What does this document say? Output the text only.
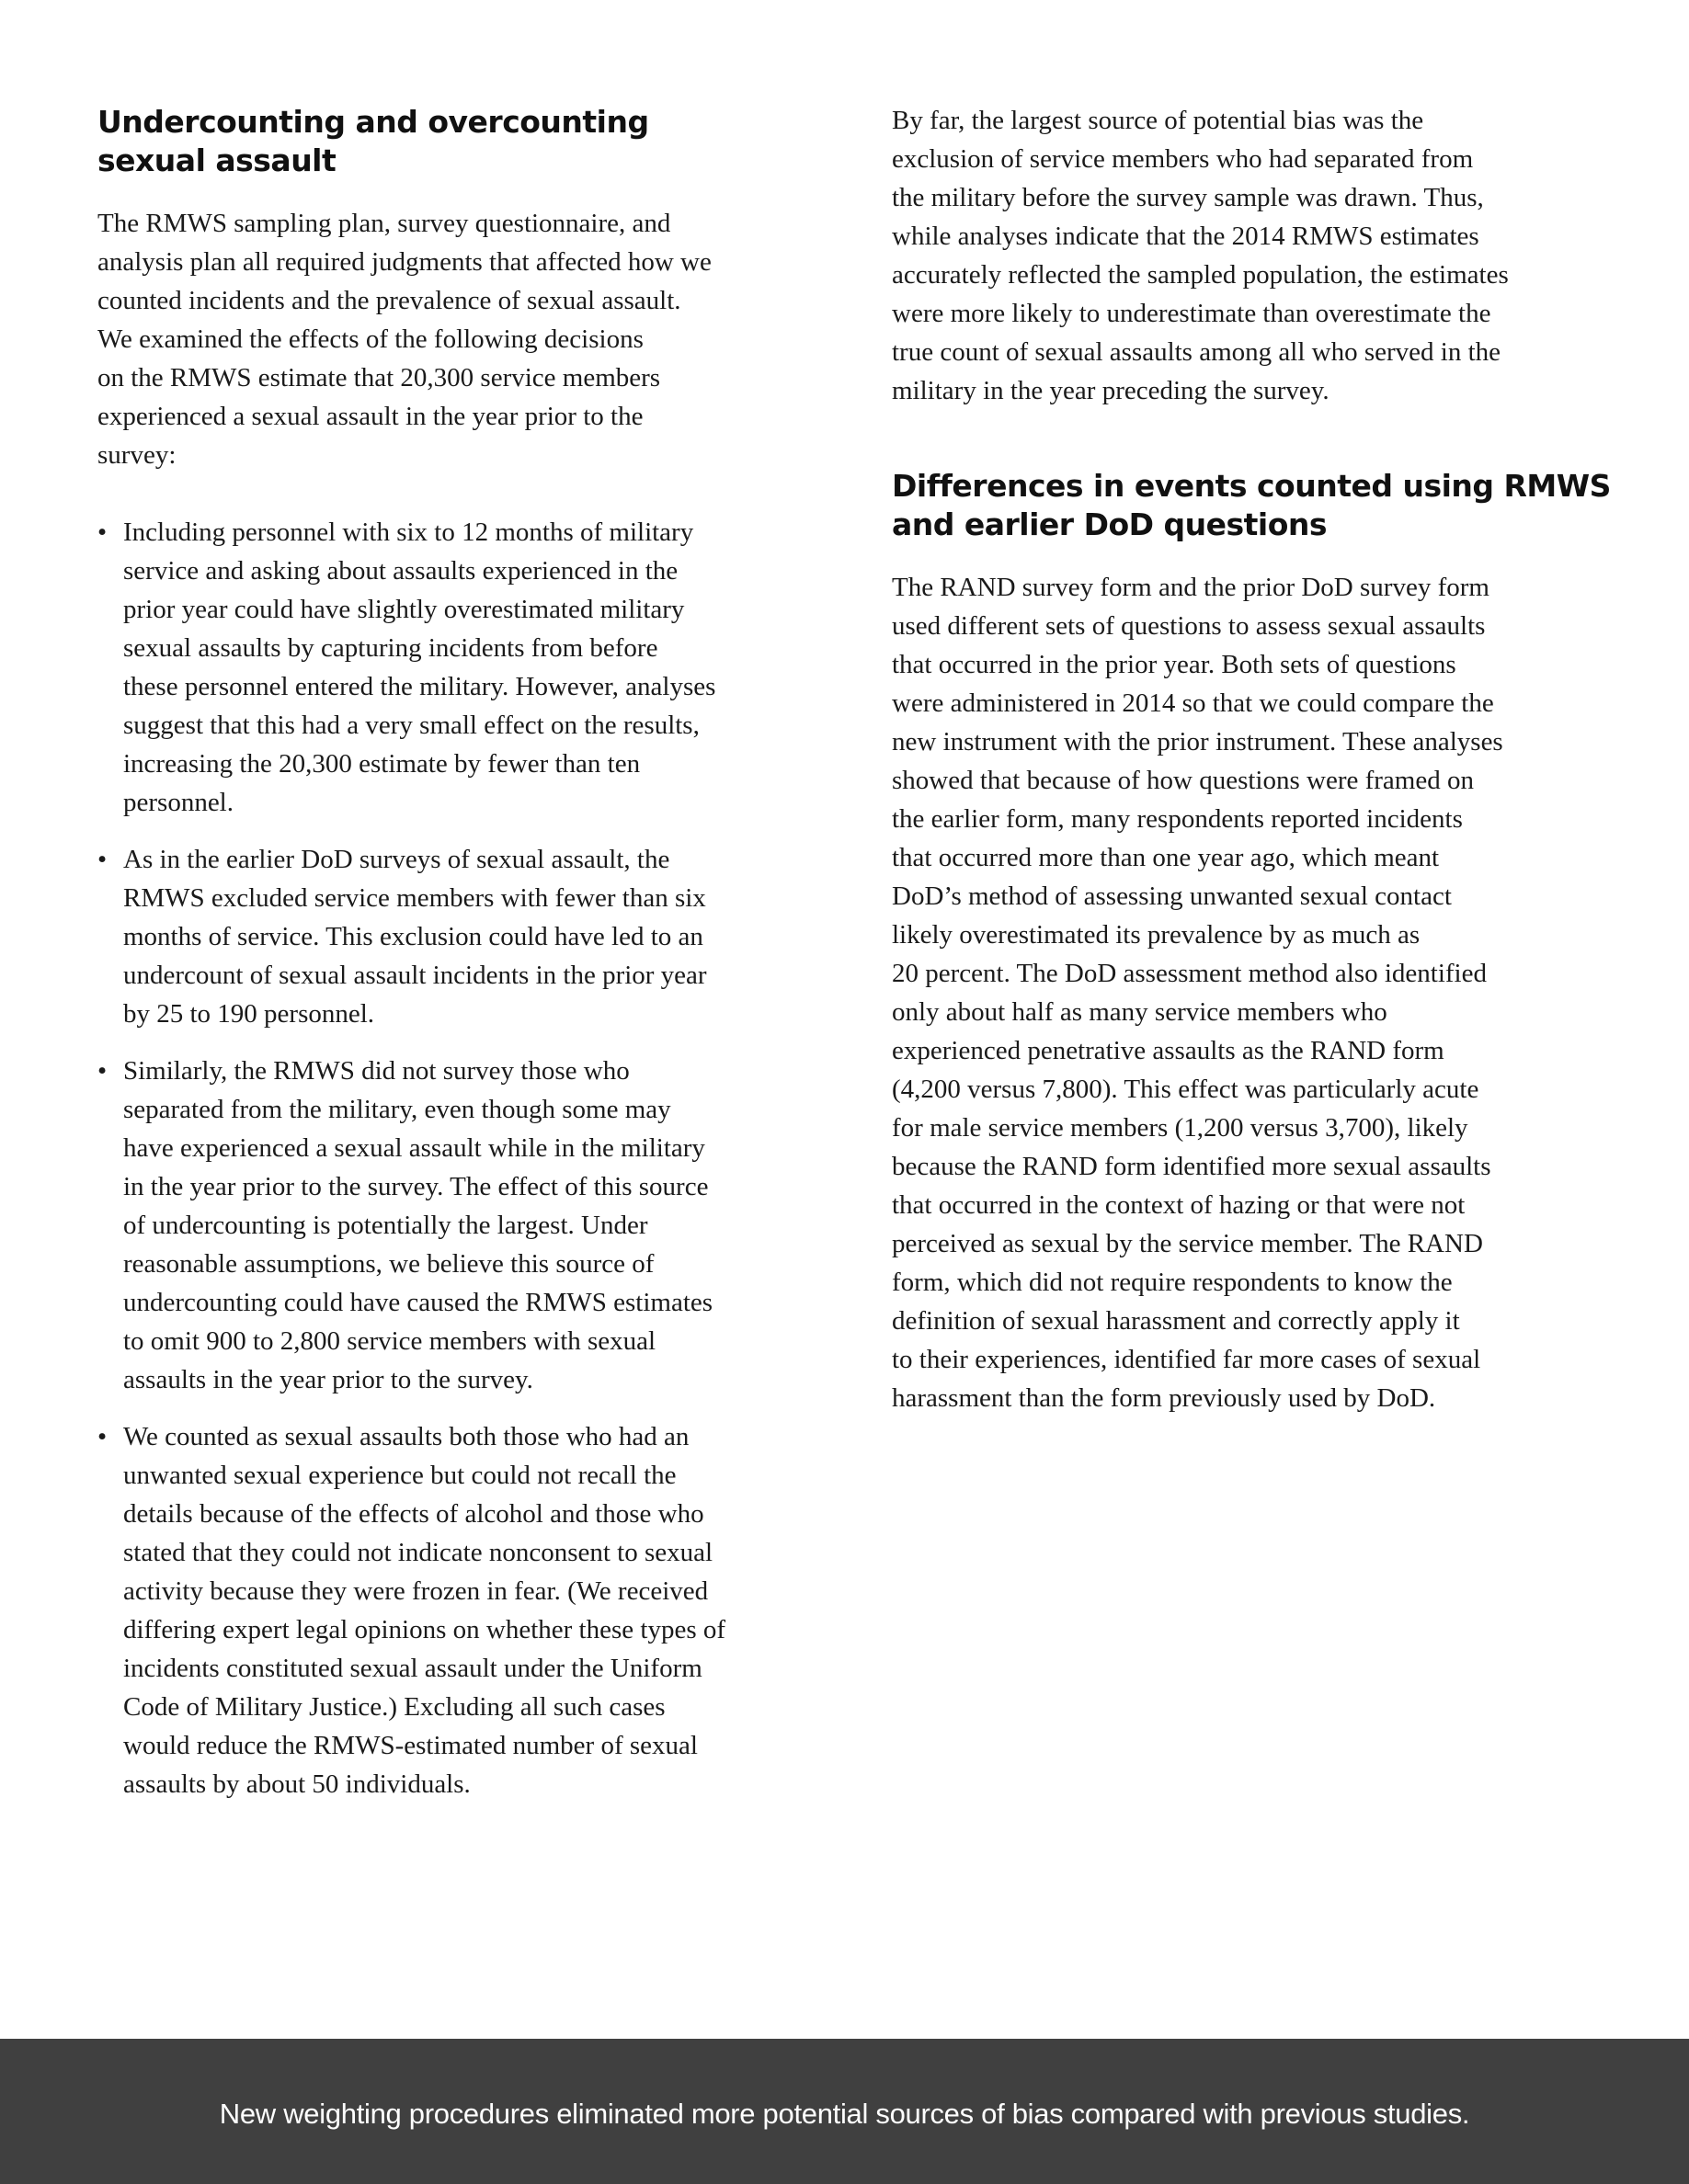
Undercounting and overcounting
sexual assault

The RMWS sampling plan, survey questionnaire, and
analysis plan all required judgments that affected how we
counted incidents and the prevalence of sexual assault.
We examined the effects of the following decisions
on the RMWS estimate that 20,300 service members
experienced a sexual assault in the year prior to the
survey:

• Including personnel with six to 12 months of military
service and asking about assaults experienced in the
prior year could have slightly overestimated military
sexual assaults by capturing incidents from before
these personnel entered the military. However, analyses
suggest that this had a very small effect on the results,
increasing the 20,300 estimate by fewer than ten
personnel.

• As in the earlier DoD surveys of sexual assault, the
RMWS excluded service members with fewer than six
months of service. This exclusion could have led to an
undercount of sexual assault incidents in the prior year
by 25 to 190 personnel.

• Similarly, the RMWS did not survey those who
separated from the military, even though some may
have experienced a sexual assault while in the military
in the year prior to the survey. The effect of this source
of undercounting is potentially the largest. Under
reasonable assumptions, we believe this source of
undercounting could have caused the RMWS estimates
to omit 900 to 2,800 service members with sexual
assaults in the year prior to the survey.

• We counted as sexual assaults both those who had an
unwanted sexual experience but could not recall the
details because of the effects of alcohol and those who
stated that they could not indicate nonconsent to sexual
activity because they were frozen in fear. (We received
differing expert legal opinions on whether these types of
incidents constituted sexual assault under the Uniform
Code of Military Justice.) Excluding all such cases
would reduce the RMWS-estimated number of sexual
assaults by about 50 individuals.

By far, the largest source of potential bias was the
exclusion of service members who had separated from
the military before the survey sample was drawn. Thus,
while analyses indicate that the 2014 RMWS estimates
accurately reflected the sampled population, the estimates
were more likely to underestimate than overestimate the
true count of sexual assaults among all who served in the
military in the year preceding the survey.

Differences in events counted using RMWS
and earlier DoD questions

The RAND survey form and the prior DoD survey form
used different sets of questions to assess sexual assaults
that occurred in the prior year. Both sets of questions
were administered in 2014 so that we could compare the
new instrument with the prior instrument. These analyses
showed that because of how questions were framed on
the earlier form, many respondents reported incidents
that occurred more than one year ago, which meant
DoD’s method of assessing unwanted sexual contact
likely overestimated its prevalence by as much as
20 percent. The DoD assessment method also identified
only about half as many service members who
experienced penetrative assaults as the RAND form
(4,200 versus 7,800). This effect was particularly acute
for male service members (1,200 versus 3,700), likely
because the RAND form identified more sexual assaults
that occurred in the context of hazing or that were not
perceived as sexual by the service member. The RAND
form, which did not require respondents to know the
definition of sexual harassment and correctly apply it
to their experiences, identified far more cases of sexual
harassment than the form previously used by DoD.

New weighting procedures eliminated more potential sources of bias compared with previous studies.
